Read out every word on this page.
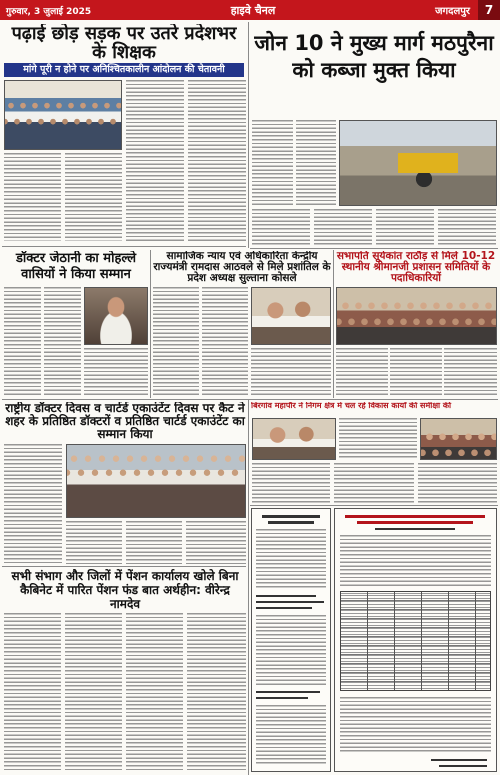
गुरुवार, 3 जुलाई 2025	हाइवे चैनल	जगदलपुर	7
पढ़ाई छोड़ सड़क पर उतरे प्रदेशभर के शिक्षक
मांगे पूरी न होने पर अनिश्चितकालीन आंदोलन की चेतावनी
जोन 10 ने मुख्य मार्ग मठपुरैना को कब्जा मुक्त किया
डॉक्टर जेठानी का मोहल्ले वासियों ने किया सम्मान
सामाजिक न्याय एवं अधिकारिता केन्द्रीय राज्यमंत्री रामदास आठवले से मिले प्रशांतिल के प्रदेश अध्यक्ष सुल्ताना कोसले
सभापति सूर्यकांत राठौड़ से मिले 10-12 स्थानीय श्रीमानजी प्रशासन समितियों के पदाधिकारियों
राष्ट्रीय डॉक्टर दिवस व चार्टर्ड एकाउंटेंट दिवस पर कैट ने शहर के प्रतिष्ठित डॉक्टरों व प्रतिष्ठित चार्टर्ड एकाउंटेंट का सम्मान किया
सभी संभाग और जिलों में पेंशन कार्यालय खोले बिना कैबिनेट में पारित पेंशन फंड बात अर्थहीन: वीरेन्द्र नामदेव
बिरगांव महापौर ने निगम क्षेत्र में चल रहे विकास कार्यों की समीक्षा की
